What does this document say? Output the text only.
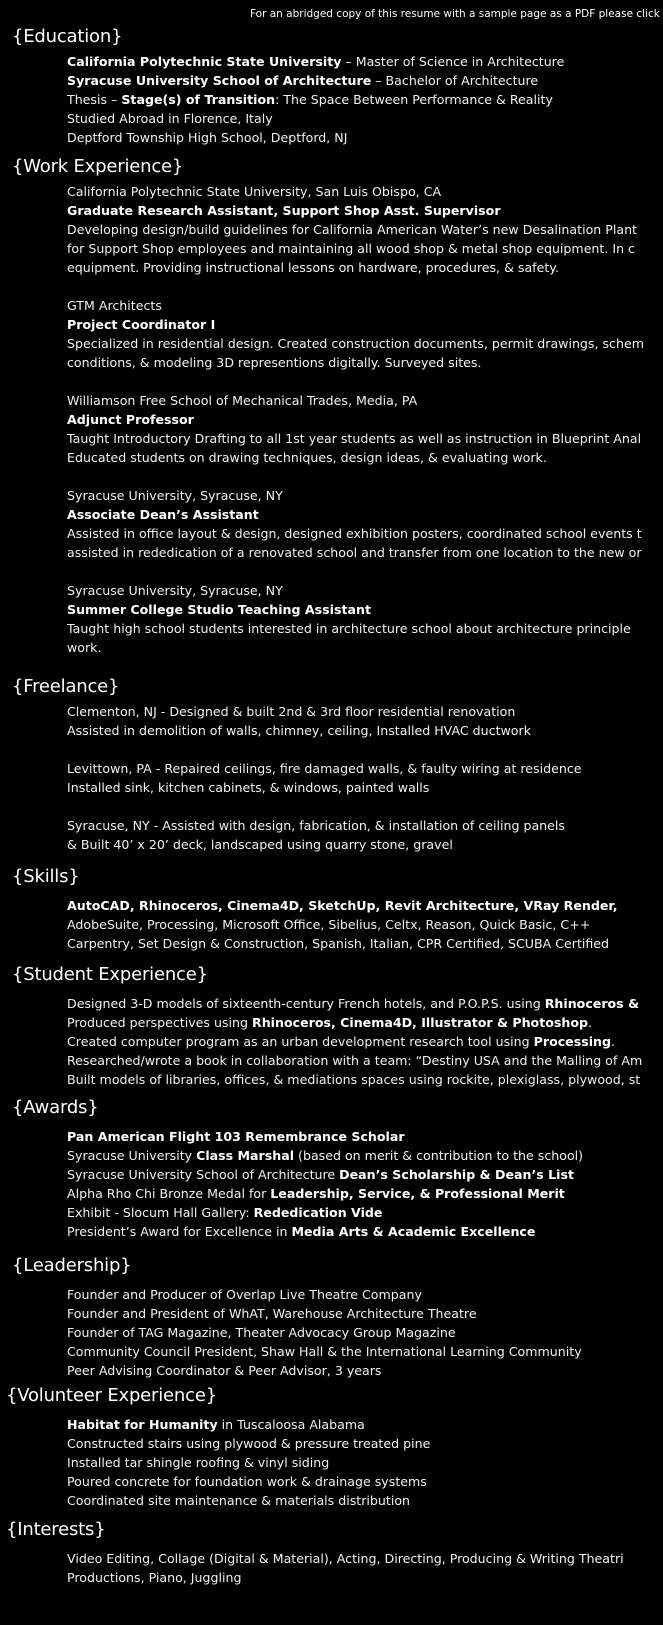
For an abridged copy of this resume with a sample page as a PDF please click
{Education}
California Polytechnic State University – Master of Science in Architecture
Syracuse University School of Architecture – Bachelor of Architecture
Thesis – Stage(s) of Transition: The Space Between Performance & Reality
Studied Abroad in Florence, Italy
Deptford Township High School, Deptford, NJ
{Work Experience}
California Polytechnic State University, San Luis Obispo, CA
Graduate Research Assistant, Support Shop Asst. Supervisor
Developing design/build guidelines for California American Water’s new Desalination Plant
for Support Shop employees and maintaining all wood shop & metal shop equipment. In c
equipment. Providing instructional lessons on hardware, procedures, & safety.
GTM Architects
Project Coordinator I
Specialized in residential design. Created construction documents, permit drawings, schem
conditions, & modeling 3D representions digitally. Surveyed sites.
Williamson Free School of Mechanical Trades, Media, PA
Adjunct Professor
Taught Introductory Drafting to all 1st year students as well as instruction in Blueprint Anal
Educated students on drawing techniques, design ideas, & evaluating work.
Syracuse University, Syracuse, NY
Associate Dean’s Assistant
Assisted in office layout & design, designed exhibition posters, coordinated school events t
assisted in rededication of a renovated school and transfer from one location to the new or
Syracuse University, Syracuse, NY
Summer College Studio Teaching Assistant
Taught high school students interested in architecture school about architecture principle
work.
{Freelance}
Clementon, NJ - Designed & built 2nd & 3rd floor residential renovation
Assisted in demolition of walls, chimney, ceiling, Installed HVAC ductwork
Levittown, PA - Repaired ceilings, fire damaged walls, & faulty wiring at residence
Installed sink, kitchen cabinets, & windows, painted walls
Syracuse, NY - Assisted with design, fabrication, & installation of ceiling panels
& Built 40’ x 20’ deck, landscaped using quarry stone, gravel
{Skills}
AutoCAD, Rhinoceros, Cinema4D, SketchUp, Revit Architecture, VRay Render,
AdobeSuite, Processing, Microsoft Office, Sibelius, Celtx, Reason, Quick Basic, C++
Carpentry, Set Design & Construction, Spanish, Italian, CPR Certified, SCUBA Certified
{Student Experience}
Designed 3-D models of sixteenth-century French hotels, and P.O.P.S. using Rhinoceros &
Produced perspectives using Rhinoceros, Cinema4D, Illustrator & Photoshop.
Created computer program as an urban development research tool using Processing.
Researched/wrote a book in collaboration with a team: “Destiny USA and the Malling of Am
Built models of libraries, offices, & mediations spaces using rockite, plexiglass, plywood, st
{Awards}
Pan American Flight 103 Remembrance Scholar
Syracuse University Class Marshal (based on merit & contribution to the school)
Syracuse University School of Architecture Dean’s Scholarship & Dean’s List
Alpha Rho Chi Bronze Medal for Leadership, Service, & Professional Merit
Exhibit - Slocum Hall Gallery: Rededication Vide
President’s Award for Excellence in Media Arts & Academic Excellence
{Leadership}
Founder and Producer of Overlap Live Theatre Company
Founder and President of WhAT, Warehouse Architecture Theatre
Founder of TAG Magazine, Theater Advocacy Group Magazine
Community Council President, Shaw Hall & the International Learning Community
Peer Advising Coordinator & Peer Advisor, 3 years
{Volunteer Experience}
Habitat for Humanity in Tuscaloosa Alabama
Constructed stairs using plywood & pressure treated pine
Installed tar shingle roofing & vinyl siding
Poured concrete for foundation work & drainage systems
Coordinated site maintenance & materials distribution
{Interests}
Video Editing, Collage (Digital & Material), Acting, Directing, Producing & Writing Theatri
Productions, Piano, Juggling
